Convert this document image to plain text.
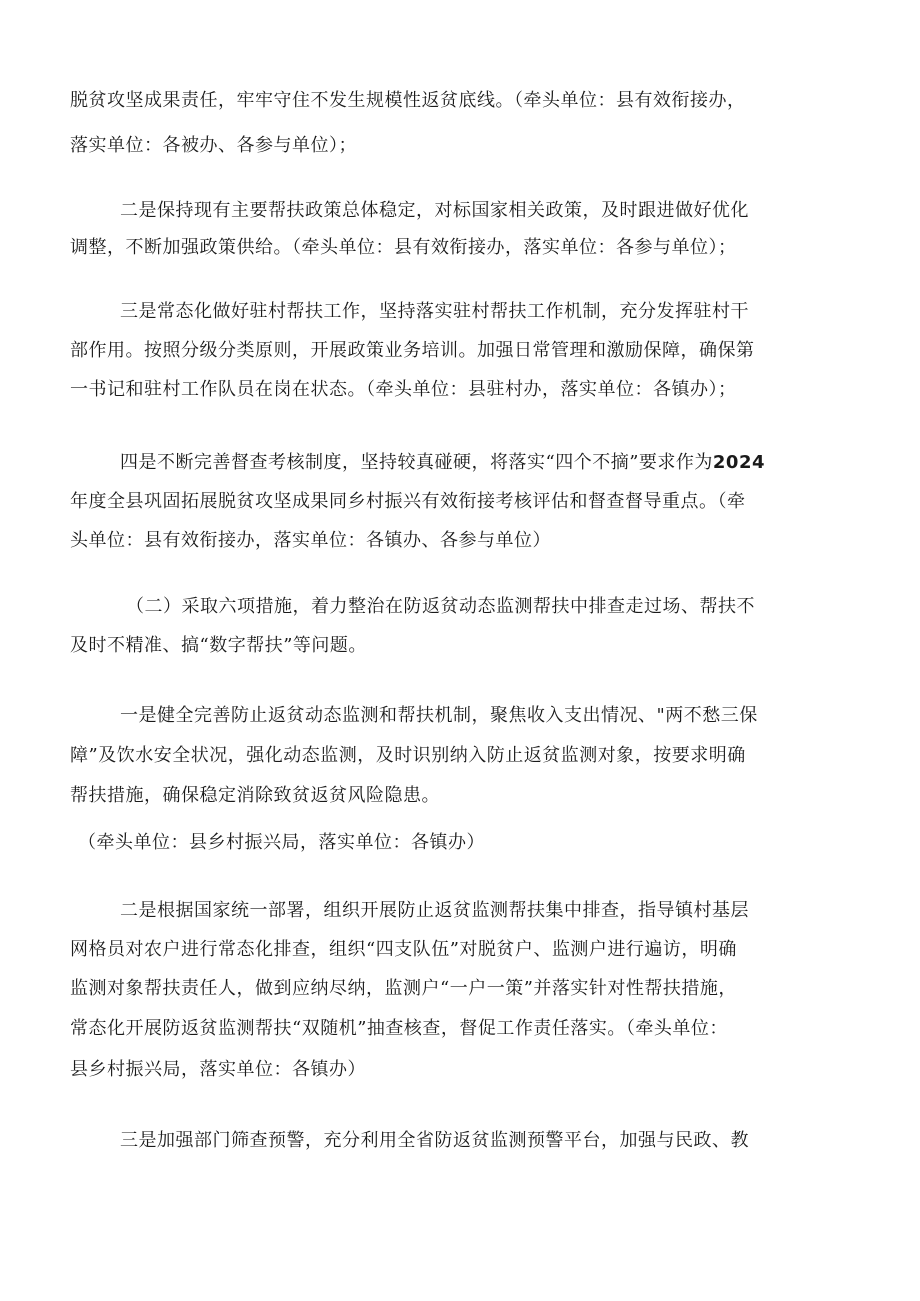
脱贫攻坚成果责任，牢牢守住不发生规模性返贫底线。（牵头单位：县有效衔接办，
落实单位：各被办、各参与单位）；
二是保持现有主要帮扶政策总体稳定，对标国家相关政策，及时跟进做好优化
调整，不断加强政策供给。（牵头单位：县有效衔接办，落实单位：各参与单位）；
三是常态化做好驻村帮扶工作，坚持落实驻村帮扶工作机制，充分发挥驻村干
部作用。按照分级分类原则，开展政策业务培训。加强日常管理和激励保障，确保第
一书记和驻村工作队员在岗在状态。（牵头单位：县驻村办，落实单位：各镇办）；
四是不断完善督查考核制度，坚持较真碰硬，将落实“四个不摘”要求作为2024
年度全县巩固拓展脱贫攻坚成果同乡村振兴有效衔接考核评估和督查督导重点。（牵
头单位：县有效衔接办，落实单位：各镇办、各参与单位）
（二）采取六项措施，着力整治在防返贫动态监测帮扶中排查走过场、帮扶不
及时不精准、搞“数字帮扶”等问题。
一是健全完善防止返贫动态监测和帮扶机制，聚焦收入支出情况、"两不愁三保
障”及饮水安全状况，强化动态监测，及时识别纳入防止返贫监测对象，按要求明确
帮扶措施，确保稳定消除致贫返贫风险隐患。
（牵头单位：县乡村振兴局，落实单位：各镇办）
二是根据国家统一部署，组织开展防止返贫监测帮扶集中排查，指导镇村基层
网格员对农户进行常态化排查，组织“四支队伍”对脱贫户、监测户进行遍访，明确
监测对象帮扶责任人，做到应纳尽纳，监测户“一户一策”并落实针对性帮扶措施，
常态化开展防返贫监测帮扶“双随机”抽查核查，督促工作责任落实。（牵头单位：
县乡村振兴局，落实单位：各镇办）
三是加强部门筛查预警，充分利用全省防返贫监测预警平台，加强与民政、教
